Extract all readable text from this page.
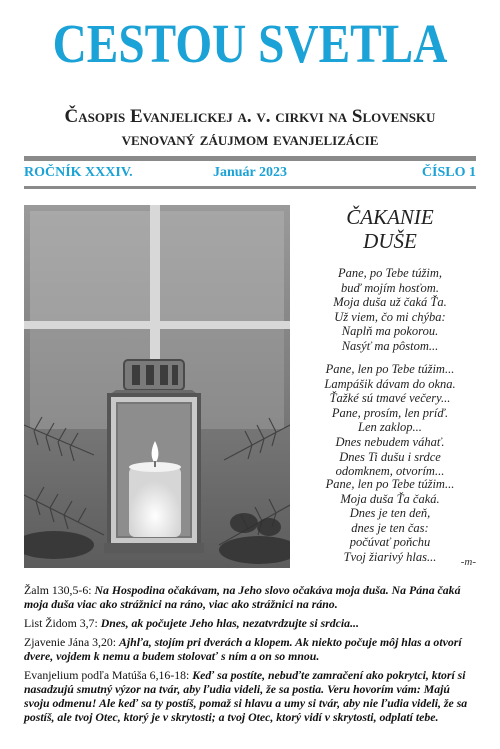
CESTOU SVETLA
Časopis Evanjelickej a. v. cirkvi na Slovensku
venovaný záujmom evanjelizácie
ROČNÍK XXXIV.	Január 2023	ČÍSLO 1
ČAKANIE
DUŠE
Pane, po Tebe túžim,
buď mojím hosťom.
Moja duša už čaká Ťa.
Už viem, čo mi chýba:
Naplň ma pokorou.
Nasýť ma pôstom...
Pane, len po Tebe túžim...
Lampášik dávam do okna.
Ťažké sú tmavé večery...
Pane, prosím, len príď.
Len zaklop...
Dnes nebudem váhať.
Dnes Ti dušu i srdce
odomknem, otvorím...
Pane, len po Tebe túžim...
Moja duša Ťa čaká.
Dnes je ten deň,
dnes je ten čas:
počúvať poňchu
Tvoj žiarivý hlas...	-m-

Žalm 130,5-6: Na Hospodina očakávam, na Jeho slovo očakáva moja duša. Na Pána čaká moja duša viac ako strážnici na ráno, viac ako strážnici na ráno.

List Židom 3,7: Dnes, ak počujete Jeho hlas, nezatvrdzujte si srdcia...

Zjavenie Jána 3,20: Ajhľa, stojím pri dverách a klopem. Ak niekto počuje môj hlas a otvorí dvere, vojdem k nemu a budem stolovať s ním a on so mnou.

Evanjelium podľa Matúša 6,16-18: Keď sa postíte, nebuďte zamračení ako pokrytci, ktorí si nasadzujú smutný výzor na tvár, aby ľudia videli, že sa postia. Veru hovorím vám: Majú svoju odmenu! Ale keď sa ty postíš, pomaž si hlavu a umy si tvár, aby nie ľudia videli, že sa postíš, ale tvoj Otec, ktorý je v skrytosti; a tvoj Otec, ktorý vidí v skrytosti, odplatí tebe.
